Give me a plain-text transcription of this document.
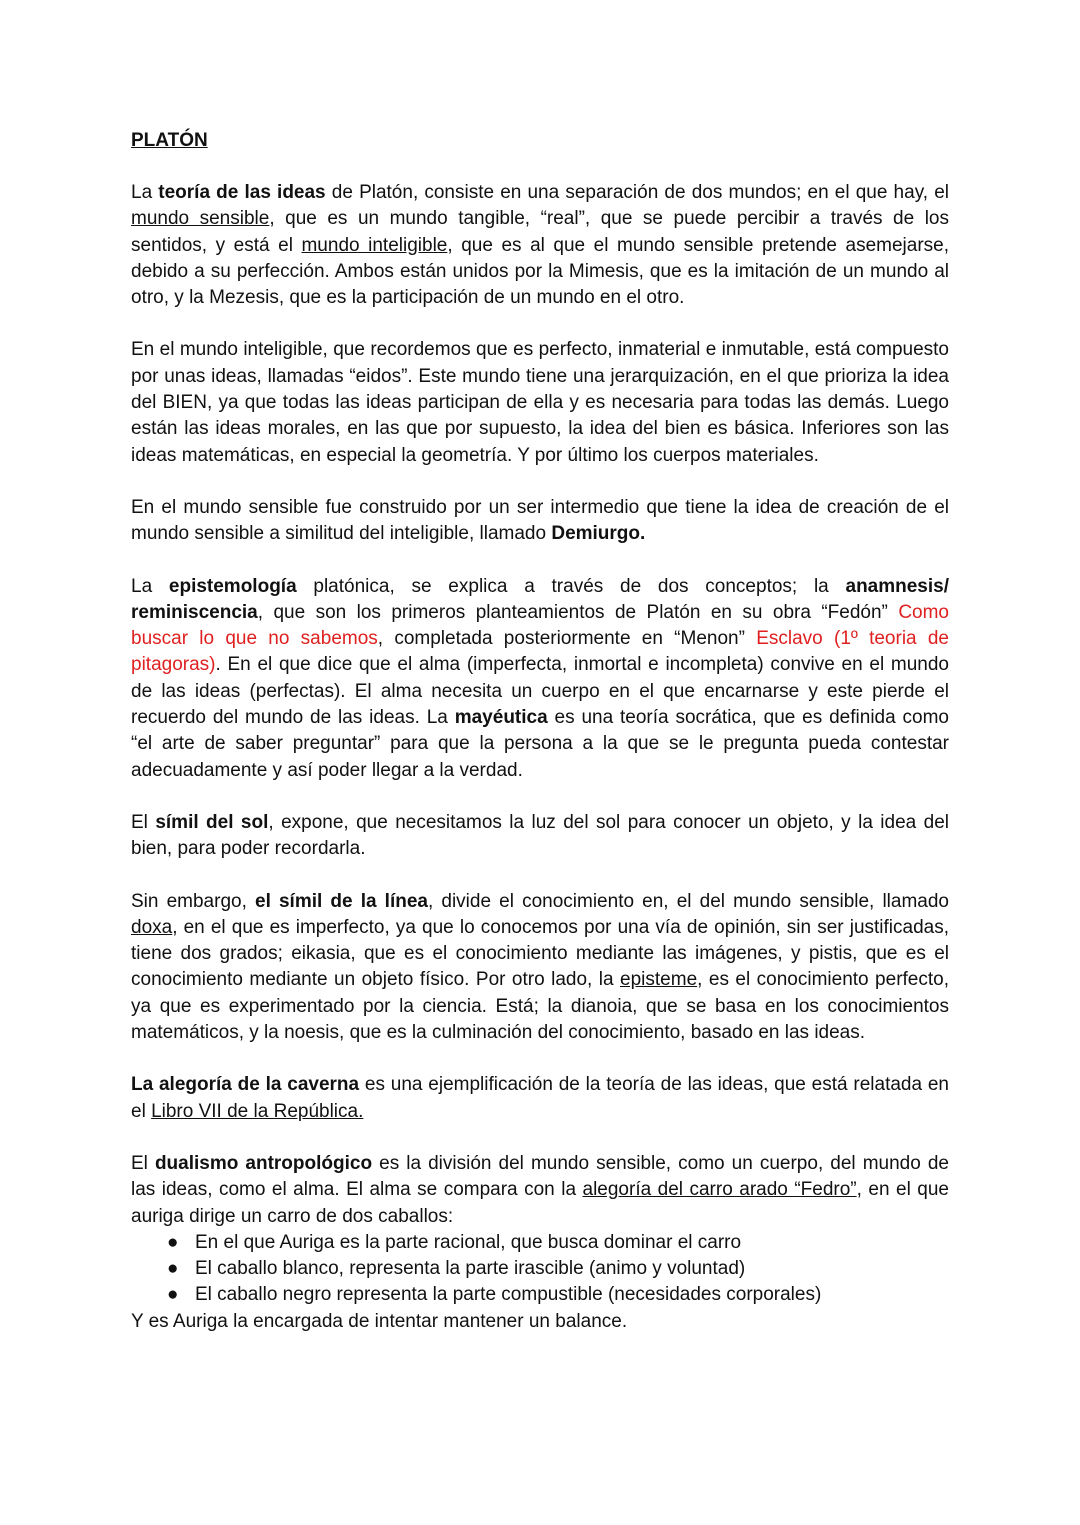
PLATÓN

La teoría de las ideas de Platón, consiste en una separación de dos mundos; en el que hay, el mundo sensible, que es un mundo tangible, “real”, que se puede percibir a través de los sentidos, y está el mundo inteligible, que es al que el mundo sensible pretende asemejarse, debido a su perfección. Ambos están unidos por la Mimesis, que es la imitación de un mundo al otro, y la Mezesis, que es la participación de un mundo en el otro.

En el mundo inteligible, que recordemos que es perfecto, inmaterial e inmutable, está compuesto por unas ideas, llamadas “eidos”. Este mundo tiene una jerarquización, en el que prioriza la idea del BIEN, ya que todas las ideas participan de ella y es necesaria para todas las demás. Luego están las ideas morales, en las que por supuesto, la idea del bien es básica. Inferiores son las ideas matemáticas, en especial la geometría. Y por último los cuerpos materiales.

En el mundo sensible fue construido por un ser intermedio que tiene la idea de creación de el mundo sensible a similitud del inteligible, llamado Demiurgo.

La epistemología platónica, se explica a través de dos conceptos; la anamnesis/ reminiscencia, que son los primeros planteamientos de Platón en su obra “Fedón” Como buscar lo que no sabemos, completada posteriormente en “Menon” Esclavo (1º teoria de pitagoras). En el que dice que el alma (imperfecta, inmortal e incompleta) convive en el mundo de las ideas (perfectas). El alma necesita un cuerpo en el que encarnarse y este pierde el recuerdo del mundo de las ideas. La mayéutica es una teoría socrática, que es definida como “el arte de saber preguntar” para que la persona a la que se le pregunta pueda contestar adecuadamente y así poder llegar a la verdad.

El símil del sol, expone, que necesitamos la luz del sol para conocer un objeto, y la idea del bien, para poder recordarla.

Sin embargo, el símil de la línea, divide el conocimiento en, el del mundo sensible, llamado doxa, en el que es imperfecto, ya que lo conocemos por una vía de opinión, sin ser justificadas, tiene dos grados; eikasia, que es el conocimiento mediante las imágenes, y pistis, que es el conocimiento mediante un objeto físico. Por otro lado, la episteme, es el conocimiento perfecto, ya que es experimentado por la ciencia. Está; la dianoia, que se basa en los conocimientos matemáticos, y la noesis, que es la culminación del conocimiento, basado en las ideas.

La alegoría de la caverna es una ejemplificación de la teoría de las ideas, que está relatada en el Libro VII de la República.

El dualismo antropológico es la división del mundo sensible, como un cuerpo, del mundo de las ideas, como el alma. El alma se compara con la alegoría del carro arado “Fedro”, en el que auriga dirige un carro de dos caballos:

● En el que Auriga es la parte racional, que busca dominar el carro
● El caballo blanco, representa la parte irascible (animo y voluntad)
● El caballo negro representa la parte compustible (necesidades corporales)

Y es Auriga la encargada de intentar mantener un balance.
